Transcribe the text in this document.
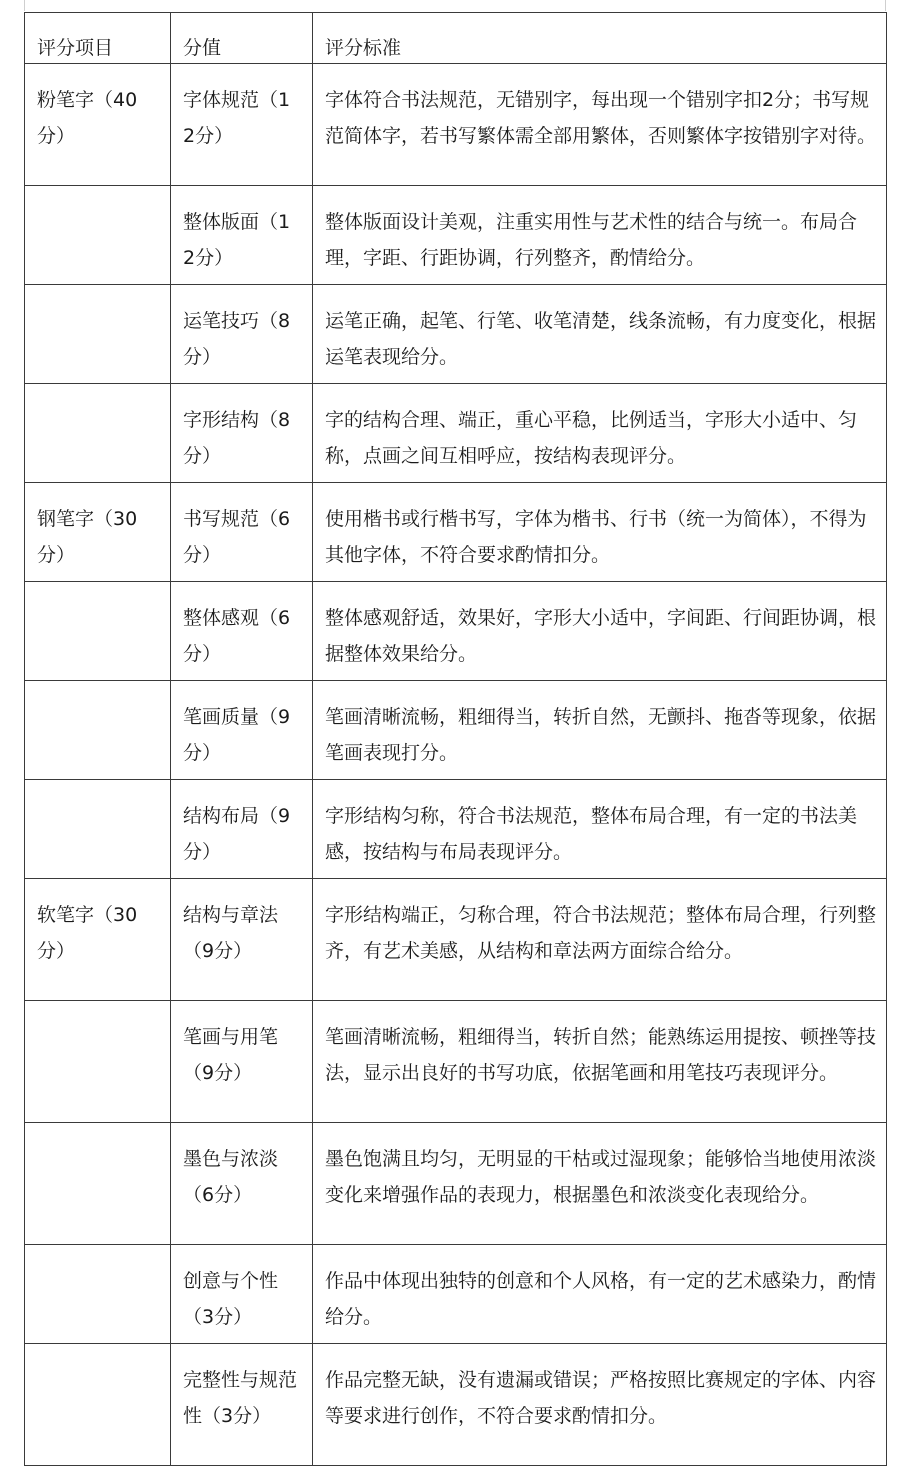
评分项目	分值	评分标准
粉笔字（40分）	字体规范（12分）	字体符合书法规范，无错别字，每出现一个错别字扣2分；书写规范简体字，若书写繁体需全部用繁体，否则繁体字按错别字对待。
	整体版面（12分）	整体版面设计美观，注重实用性与艺术性的结合与统一。布局合理，字距、行距协调，行列整齐，酌情给分。
	运笔技巧（8分）	运笔正确，起笔、行笔、收笔清楚，线条流畅，有力度变化，根据运笔表现给分。
	字形结构（8分）	字的结构合理、端正，重心平稳，比例适当，字形大小适中、匀称，点画之间互相呼应，按结构表现评分。
钢笔字（30分）	书写规范（6分）	使用楷书或行楷书写，字体为楷书、行书（统一为简体），不得为其他字体，不符合要求酌情扣分。
	整体感观（6分）	整体感观舒适，效果好，字形大小适中，字间距、行间距协调，根据整体效果给分。
	笔画质量（9分）	笔画清晰流畅，粗细得当，转折自然，无颤抖、拖沓等现象，依据笔画表现打分。
	结构布局（9分）	字形结构匀称，符合书法规范，整体布局合理，有一定的书法美感，按结构与布局表现评分。
软笔字（30分）	结构与章法（9分）	字形结构端正，匀称合理，符合书法规范；整体布局合理，行列整齐，有艺术美感，从结构和章法两方面综合给分。
	笔画与用笔（9分）	笔画清晰流畅，粗细得当，转折自然；能熟练运用提按、顿挫等技法，显示出良好的书写功底，依据笔画和用笔技巧表现评分。
	墨色与浓淡（6分）	墨色饱满且均匀，无明显的干枯或过湿现象；能够恰当地使用浓淡变化来增强作品的表现力，根据墨色和浓淡变化表现给分。
	创意与个性（3分）	作品中体现出独特的创意和个人风格，有一定的艺术感染力，酌情给分。
	完整性与规范性（3分）	作品完整无缺，没有遗漏或错误；严格按照比赛规定的字体、内容等要求进行创作，不符合要求酌情扣分。
